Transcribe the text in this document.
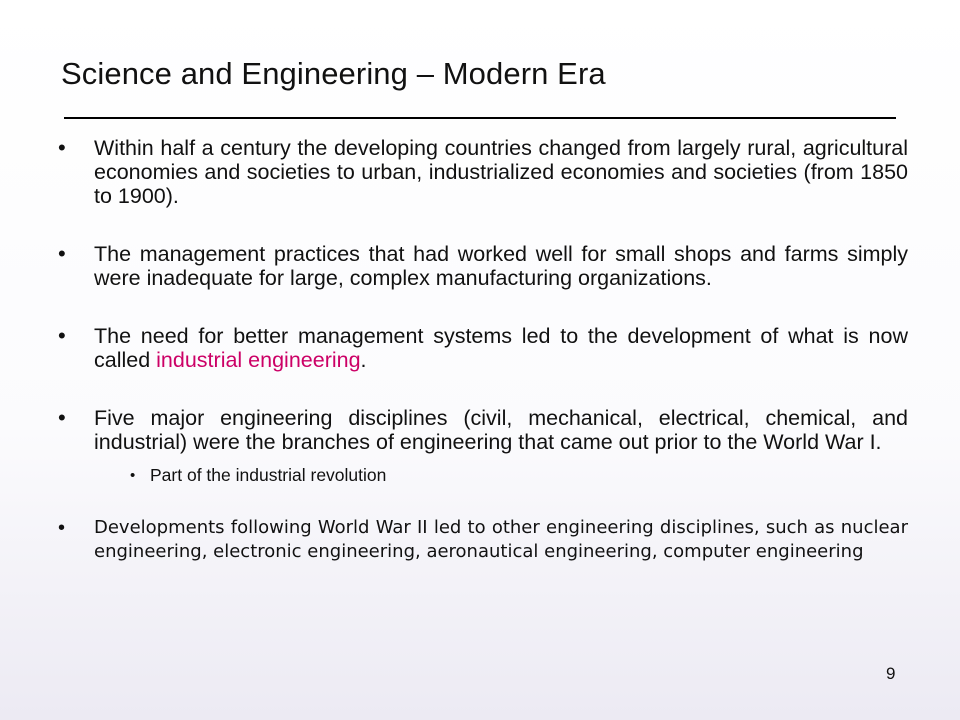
Science and Engineering – Modern Era
• Within half a century the developing countries changed from largely rural, agricultural economies and societies to urban, industrialized economies and societies (from 1850 to 1900).
• The management practices that had worked well for small shops and farms simply were inadequate for large, complex manufacturing organizations.
• The need for better management systems led to the development of what is now called industrial engineering.
• Five major engineering disciplines (civil, mechanical, electrical, chemical, and industrial) were the branches of engineering that came out prior to the World War I.
• Part of the industrial revolution
• Developments following World War II led to other engineering disciplines, such as nuclear engineering, electronic engineering, aeronautical engineering, computer engineering
9
